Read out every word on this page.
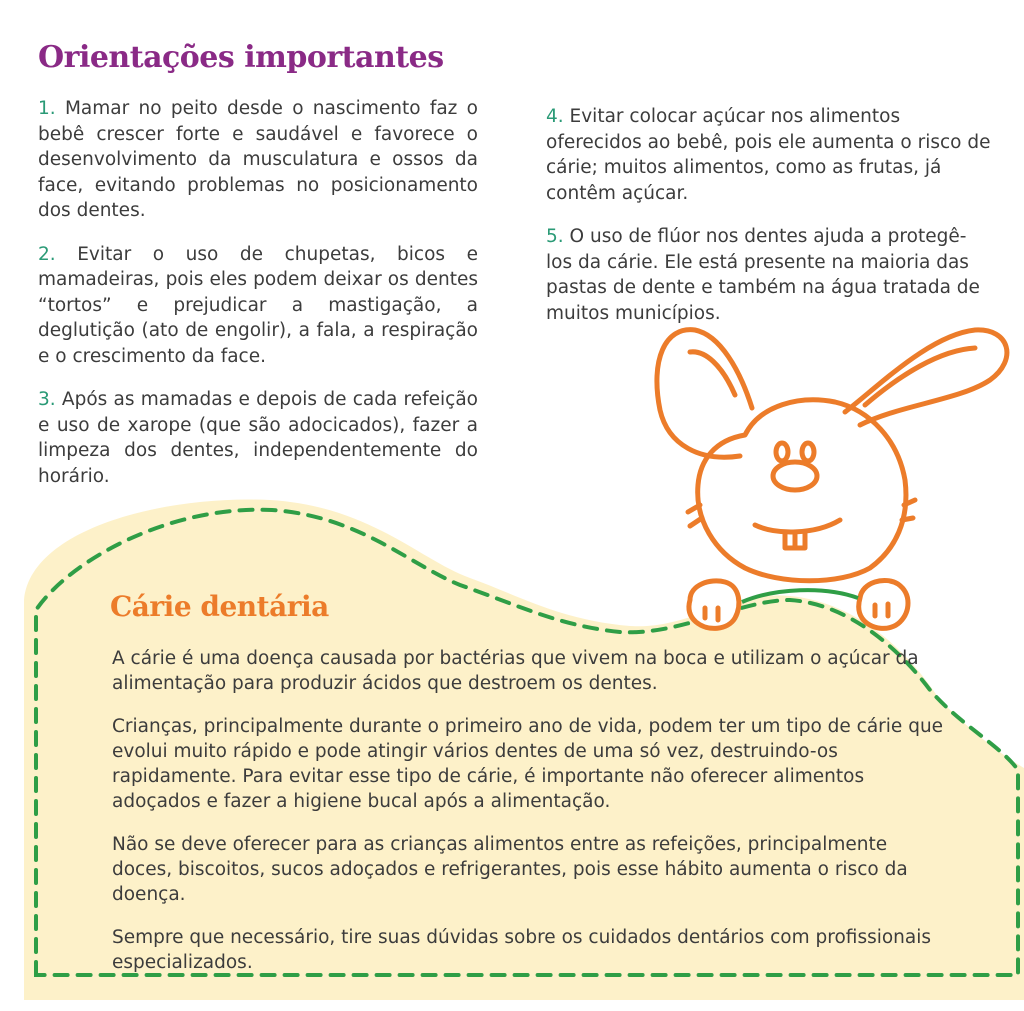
Orientações importantes

1. Mamar no peito desde o nascimento faz o bebê crescer forte e saudável e favorece o desenvolvimento da musculatura e ossos da face, evitando problemas no posicionamento dos dentes.

2. Evitar o uso de chupetas, bicos e mamadeiras, pois eles podem deixar os dentes “tortos” e prejudicar a mastigação, a deglutição (ato de engolir), a fala, a respiração e o crescimento da face.

3. Após as mamadas e depois de cada refeição e uso de xarope (que são adocicados), fazer a limpeza dos dentes, independentemente do horário.

4. Evitar colocar açúcar nos alimentos oferecidos ao bebê, pois ele aumenta o risco de cárie; muitos alimentos, como as frutas, já contêm açúcar.

5. O uso de flúor nos dentes ajuda a protegê-los da cárie. Ele está presente na maioria das pastas de dente e também na água tratada de muitos municípios.

Cárie dentária

A cárie é uma doença causada por bactérias que vivem na boca e utilizam o açúcar da alimentação para produzir ácidos que destroem os dentes.

Crianças, principalmente durante o primeiro ano de vida, podem ter um tipo de cárie que evolui muito rápido e pode atingir vários dentes de uma só vez, destruindo-os rapidamente. Para evitar esse tipo de cárie, é importante não oferecer alimentos adoçados e fazer a higiene bucal após a alimentação.

Não se deve oferecer para as crianças alimentos entre as refeições, principalmente doces, biscoitos, sucos adoçados e refrigerantes, pois esse hábito aumenta o risco da doença.

Sempre que necessário, tire suas dúvidas sobre os cuidados dentários com profissionais especializados.
